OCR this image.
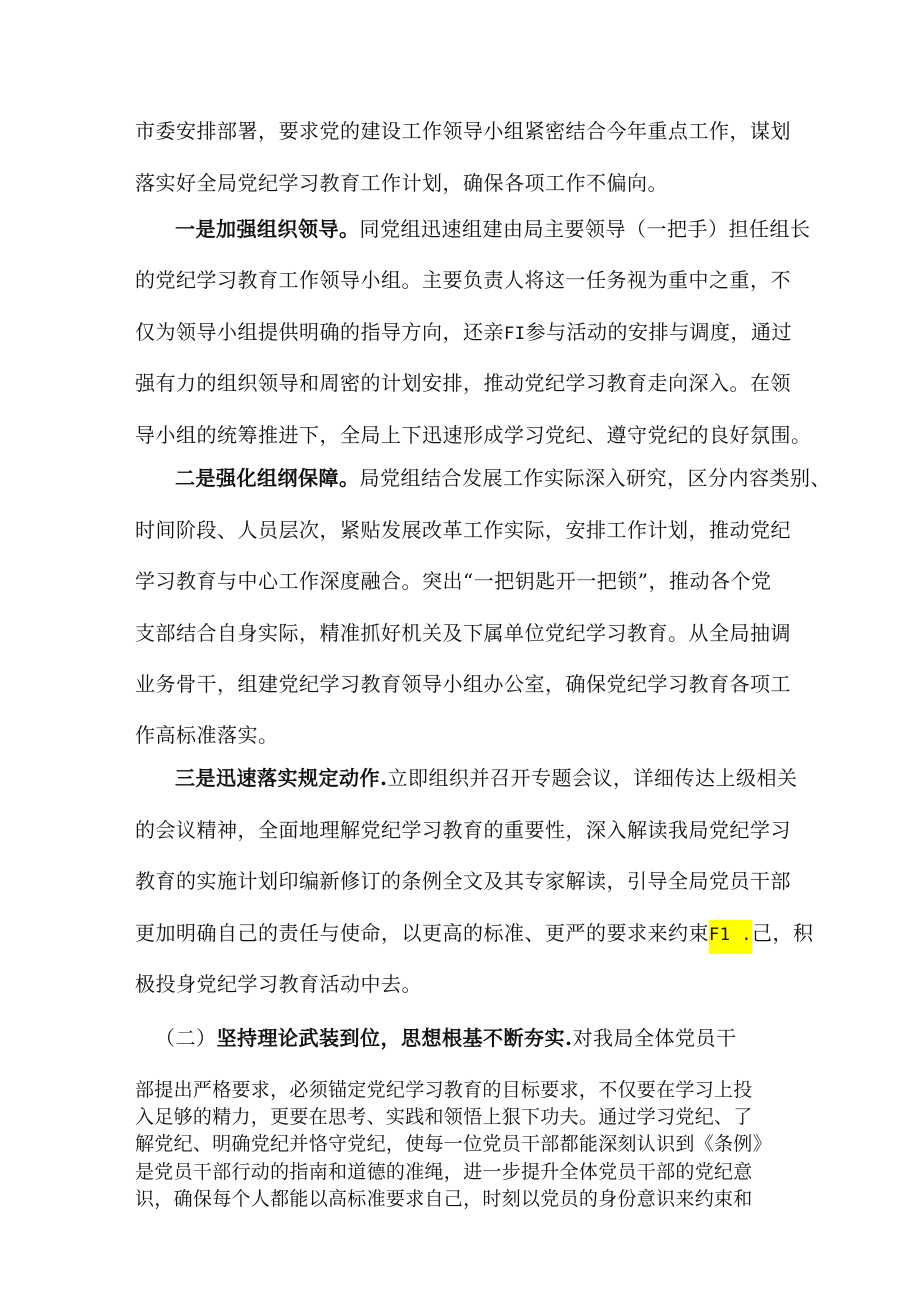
市委安排部署，要求党的建设工作领导小组紧密结合今年重点工作，谋划
落实好全局党纪学习教育工作计划，确保各项工作不偏向。
一是加强组织领导。同党组迅速组建由局主要领导（一把手）担任组长
的党纪学习教育工作领导小组。主要负责人将这一任务视为重中之重，不
仅为领导小组提供明确的指导方向，还亲FI参与活动的安排与调度，通过
强有力的组织领导和周密的计划安排，推动党纪学习教育走向深入。在领
导小组的统筹推进下，全局上下迅速形成学习党纪、遵守党纪的良好氛围。
二是强化组纲保障。局党组结合发展工作实际深入研究，区分内容类别、
时间阶段、人员层次，紧贴发展改革工作实际，安排工作计划，推动党纪
学习教育与中心工作深度融合。突出“一把钥匙开一把锁”，推动各个党
支部结合自身实际，精准抓好机关及下属单位党纪学习教育。从全局抽调
业务骨干，组建党纪学习教育领导小组办公室，确保党纪学习教育各项工
作高标准落实。
三是迅速落实规定动作.立即组织并召开专题会议，详细传达上级相关
的会议精神，全面地理解党纪学习教育的重要性，深入解读我局党纪学习
教育的实施计划印编新修订的条例全文及其专家解读，引导全局党员干部
更加明确自己的责任与使命，以更高的标准、更严的要求来约束F1 .己，积
极投身党纪学习教育活动中去。
（二）坚持理论武装到位，思想根基不断夯实.对我局全体党员干
部提出严格要求，必须锚定党纪学习教育的目标要求，不仅要在学习上投
入足够的精力，更要在思考、实践和领悟上狠下功夫。通过学习党纪、了
解党纪、明确党纪并恪守党纪，使每一位党员干部都能深刻认识到《条例》
是党员干部行动的指南和道德的准绳，进一步提升全体党员干部的党纪意
识，确保每个人都能以高标准要求自己，时刻以党员的身份意识来约束和
